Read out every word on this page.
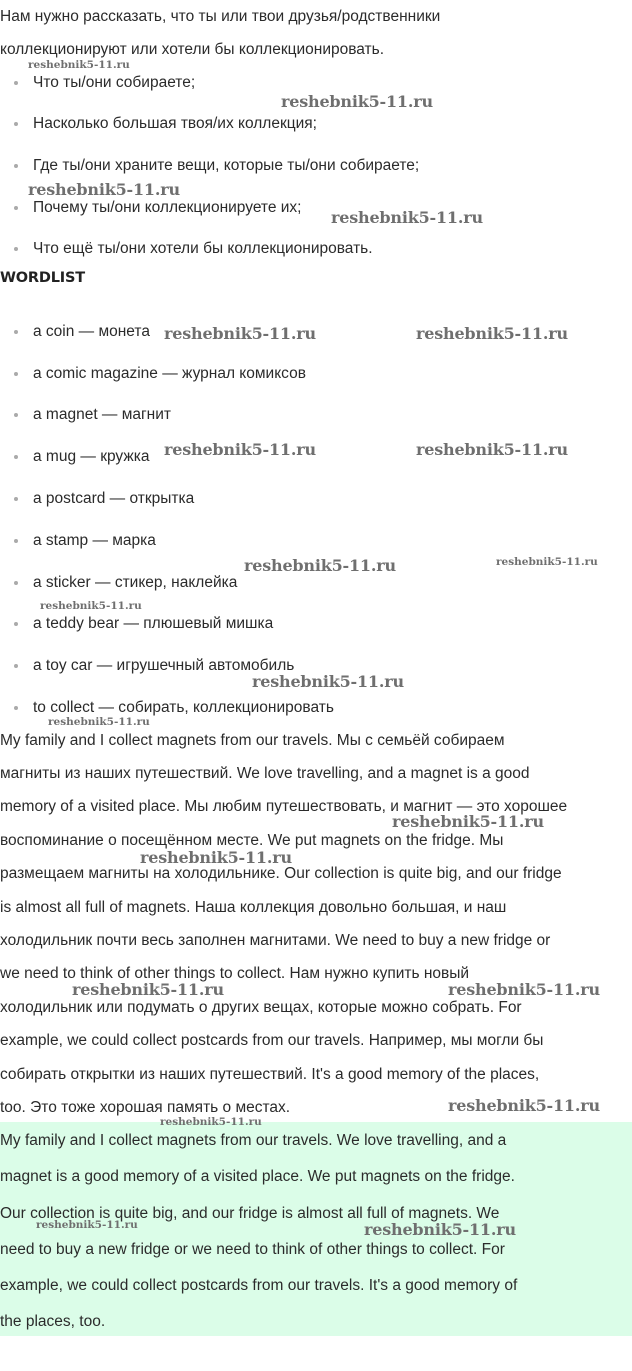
Нам нужно рассказать, что ты или твои друзья/родственники
коллекционируют или хотели бы коллекционировать.
Что ты/они собираете;
Насколько большая твоя/их коллекция;
Где ты/они храните вещи, которые ты/они собираете;
Почему ты/они коллекционируете их;
Что ещё ты/они хотели бы коллекционировать.
WORDLIST
a coin — монета
a comic magazine — журнал комиксов
a magnet — магнит
a mug — кружка
a postcard — открытка
a stamp — марка
a sticker — стикер, наклейка
a teddy bear — плюшевый мишка
a toy car — игрушечный автомобиль
to collect — собирать, коллекционировать
My family and I collect magnets from our travels. Мы с семьёй собираем
магниты из наших путешествий. We love travelling, and a magnet is a good
memory of a visited place. Мы любим путешествовать, и магнит — это хорошее
воспоминание о посещённом месте. We put magnets on the fridge. Мы
размещаем магниты на холодильнике. Our collection is quite big, and our fridge
is almost all full of magnets. Наша коллекция довольно большая, и наш
холодильник почти весь заполнен магнитами. We need to buy a new fridge or
we need to think of other things to collect. Нам нужно купить новый
холодильник или подумать о других вещах, которые можно собрать. For
example, we could collect postcards from our travels. Например, мы могли бы
собирать открытки из наших путешествий. It's a good memory of the places,
too. Это тоже хорошая память о местах.
My family and I collect magnets from our travels. We love travelling, and a
magnet is a good memory of a visited place. We put magnets on the fridge.
Our collection is quite big, and our fridge is almost all full of magnets. We
need to buy a new fridge or we need to think of other things to collect. For
example, we could collect postcards from our travels. It's a good memory of
the places, too.
reshebnik5-11.ru
reshebnik5-11.ru
reshebnik5-11.ru
reshebnik5-11.ru
reshebnik5-11.ru	reshebnik5-11.ru
reshebnik5-11.ru	reshebnik5-11.ru
reshebnik5-11.ru	reshebnik5-11.ru
reshebnik5-11.ru
reshebnik5-11.ru
reshebnik5-11.ru
reshebnik5-11.ru
reshebnik5-11.ru
reshebnik5-11.ru	reshebnik5-11.ru
reshebnik5-11.ru
reshebnik5-11.ru
reshebnik5-11.ru	reshebnik5-11.ru
